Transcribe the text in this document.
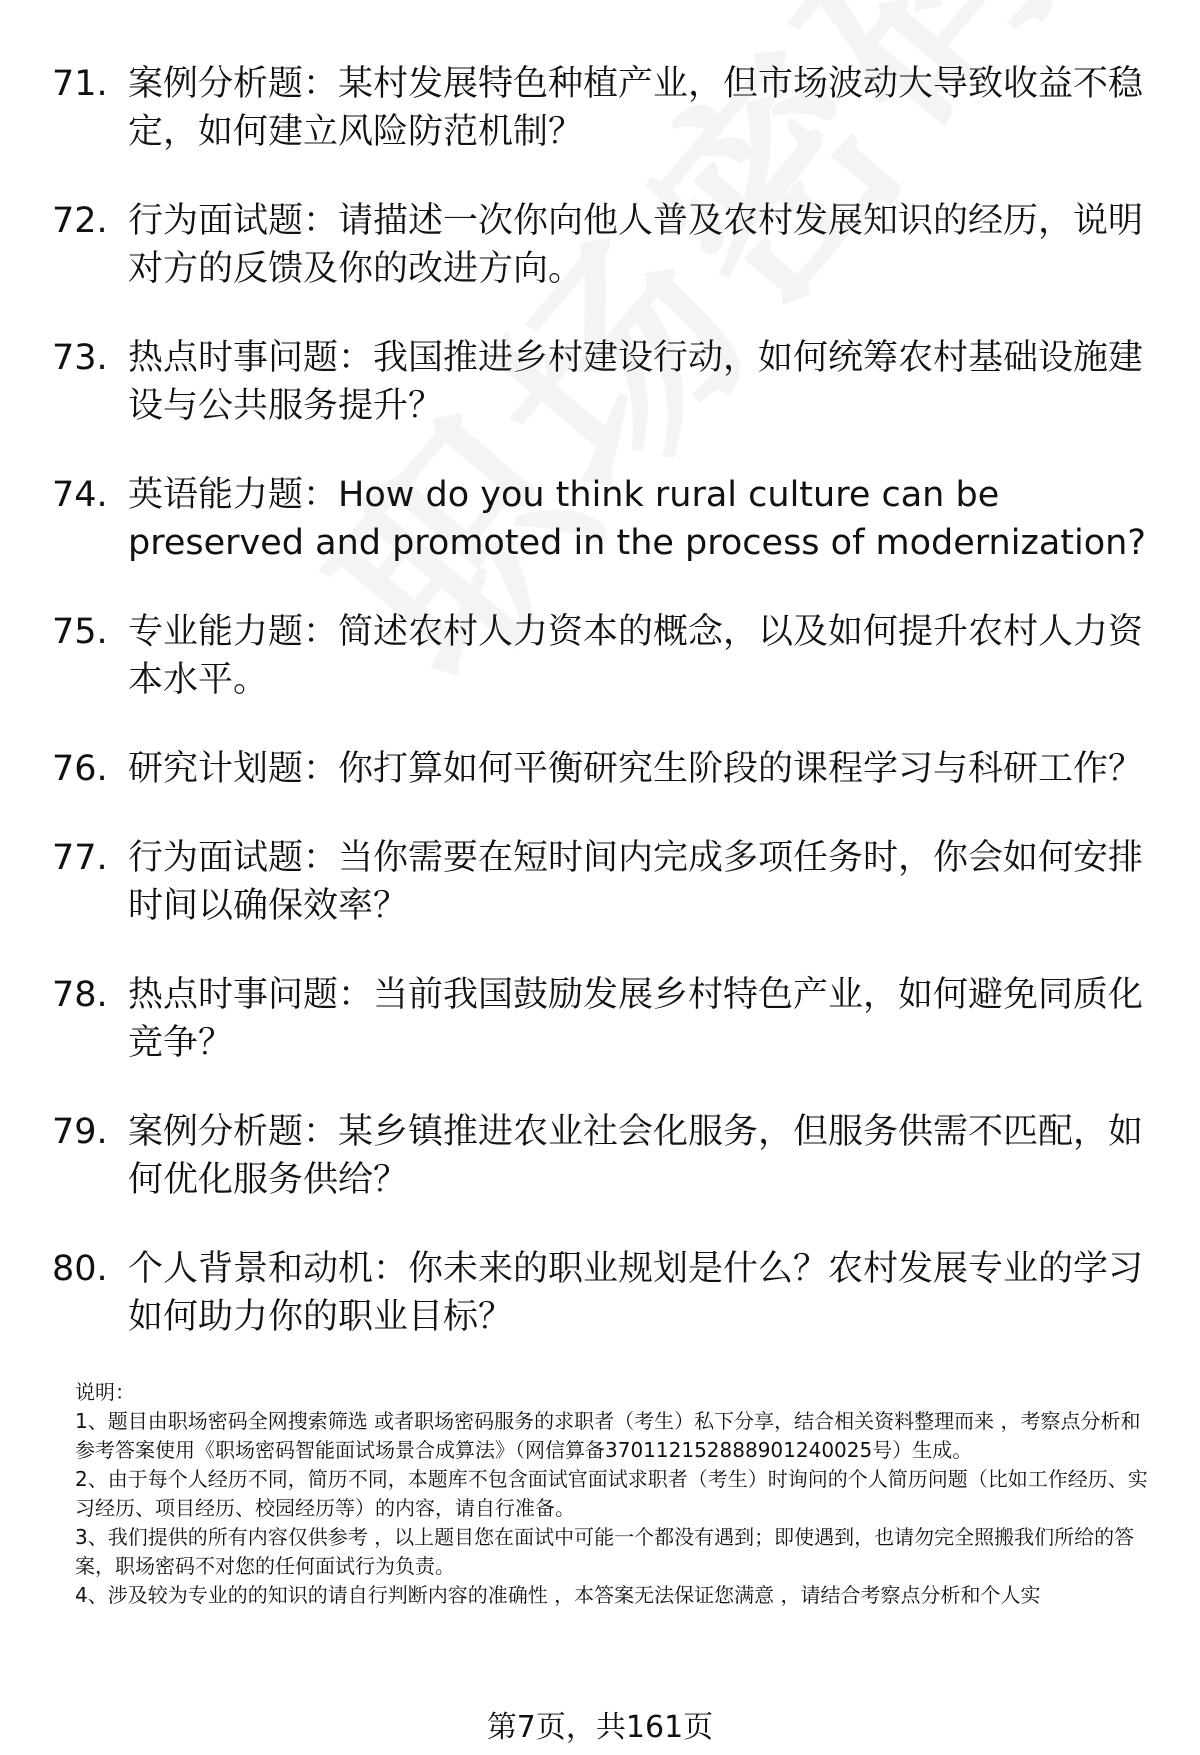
71. 案例分析题：某村发展特色种植产业，但市场波动大导致收益不稳定，如何建立风险防范机制？
72. 行为面试题：请描述一次你向他人普及农村发展知识的经历，说明对方的反馈及你的改进方向。
73. 热点时事问题：我国推进乡村建设行动，如何统筹农村基础设施建设与公共服务提升？
74. 英语能力题：How do you think rural culture can be preserved and promoted in the process of modernization?
75. 专业能力题：简述农村人力资本的概念，以及如何提升农村人力资本水平。
76. 研究计划题：你打算如何平衡研究生阶段的课程学习与科研工作？
77. 行为面试题：当你需要在短时间内完成多项任务时，你会如何安排时间以确保效率？
78. 热点时事问题：当前我国鼓励发展乡村特色产业，如何避免同质化竞争？
79. 案例分析题：某乡镇推进农业社会化服务，但服务供需不匹配，如何优化服务供给？
80. 个人背景和动机：你未来的职业规划是什么？农村发展专业的学习如何助力你的职业目标？

说明：

1、题目由职场密码全网搜索筛选 或者职场密码服务的求职者（考生）私下分享，结合相关资料整理而来 ，考察点分析和参考答案使用《职场密码智能面试场景合成算法》（网信算备370112152888901240025号）生成。

2、由于每个人经历不同，简历不同，本题库不包含面试官面试求职者（考生）时询问的个人简历问题（比如工作经历、实习经历、项目经历、校园经历等）的内容，请自行准备。

3、我们提供的所有内容仅供参考 ，以上题目您在面试中可能一个都没有遇到；即使遇到，也请勿完全照搬我们所给的答案，职场密码不对您的任何面试行为负责。

4、涉及较为专业的的知识的请自行判断内容的准确性 ，本答案无法保证您满意 ，请结合考察点分析和个人实

第7页，共161页
